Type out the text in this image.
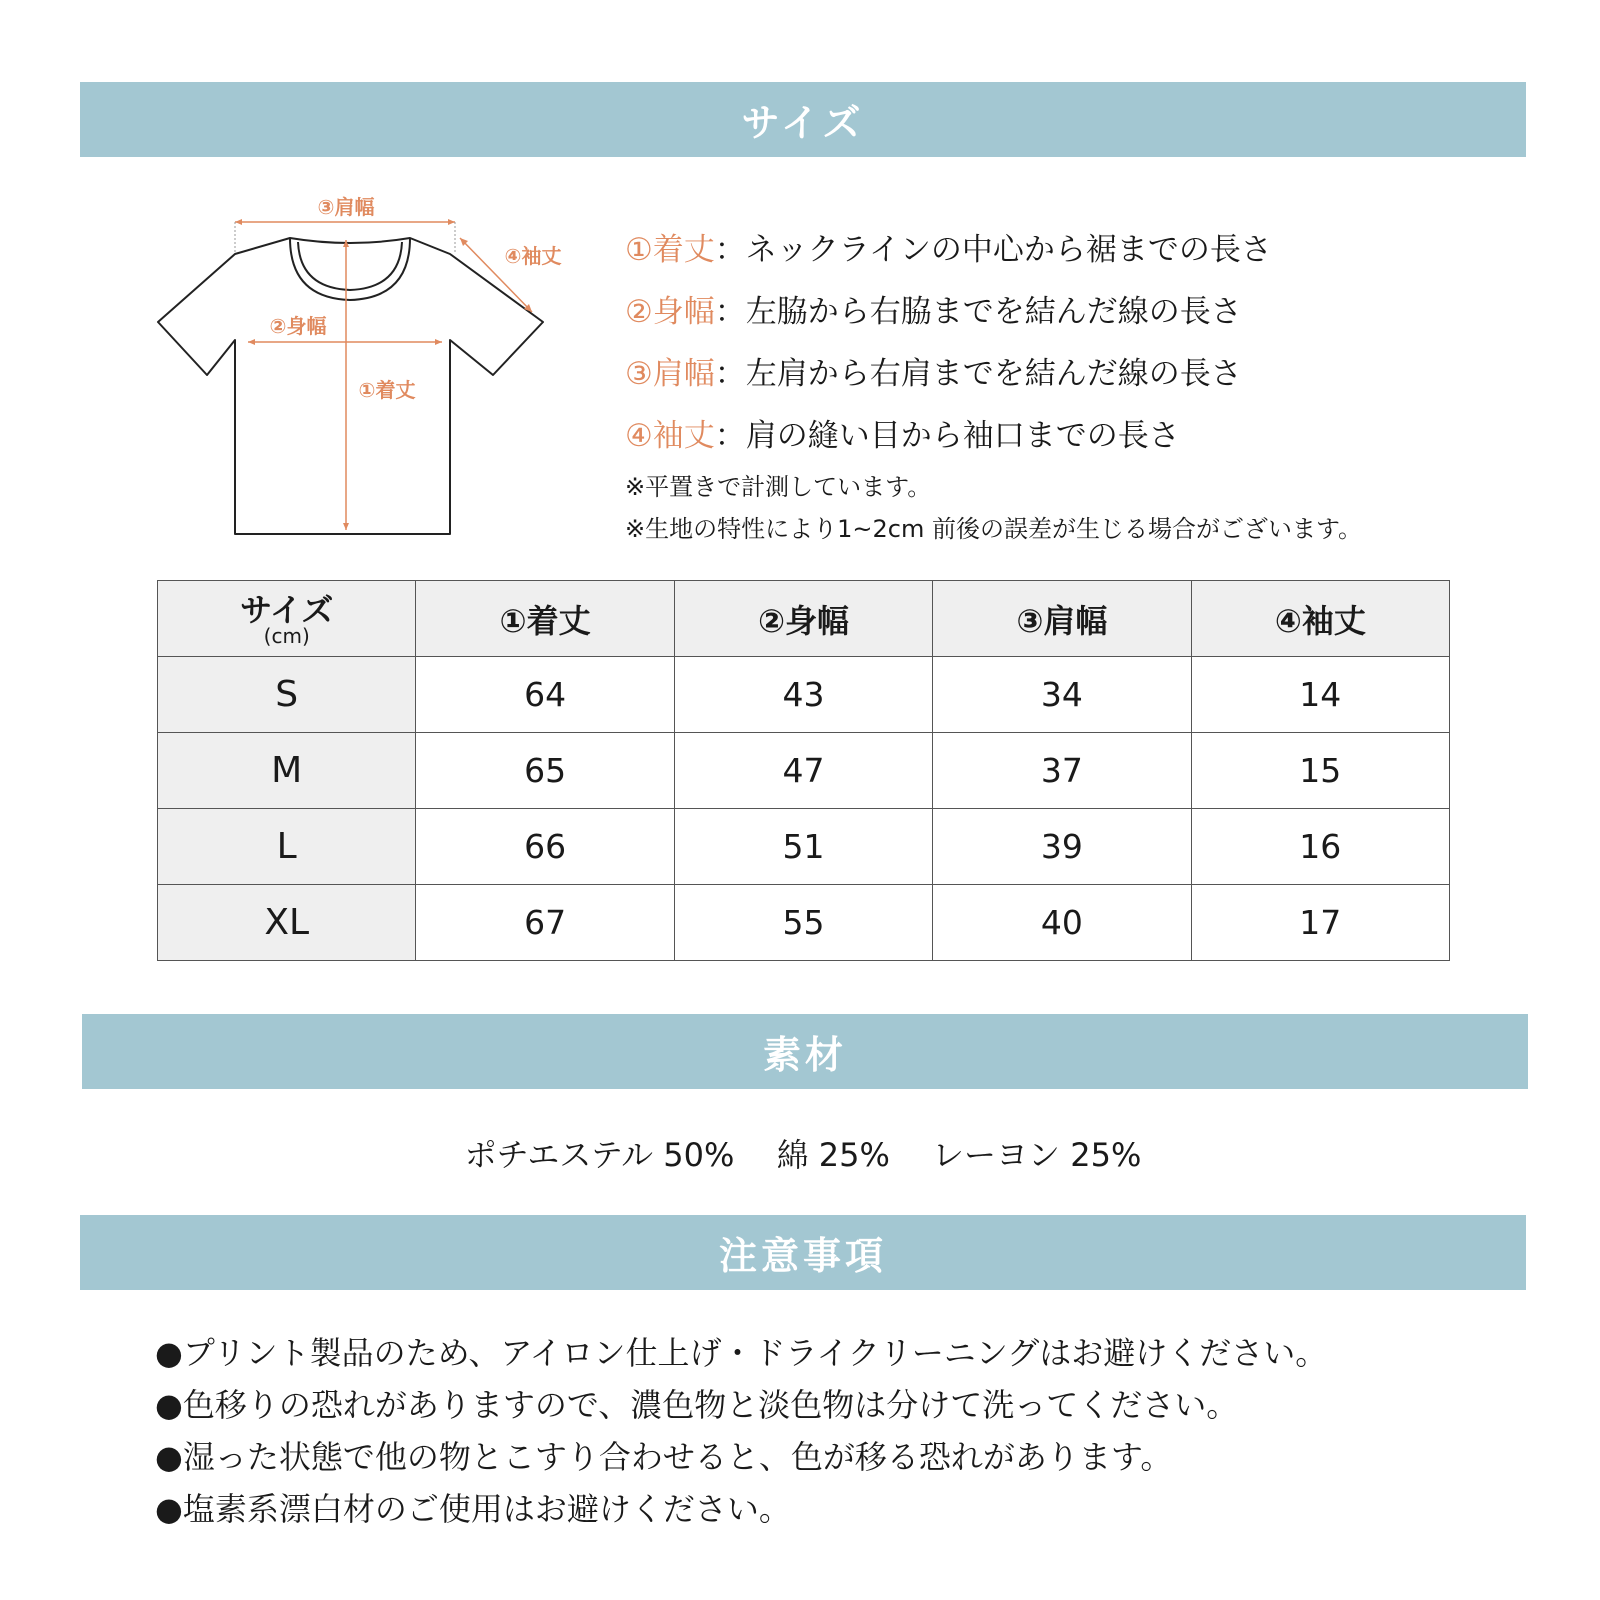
サイズ
③肩幅
④袖丈
②身幅
①着丈
①着丈 ：ネックラインの中心から裾までの長さ
②身幅 ：左脇から右脇までを結んだ線の長さ
③肩幅 ：左肩から右肩までを結んだ線の長さ
④袖丈 ：肩の縫い目から袖口までの長さ
※平置きで計測しています。
※生地の特性により1~2cm 前後の誤差が生じる場合がございます。
サイズ
(cm)	①着丈	②身幅	③肩幅	④袖丈
S	64	43	34	14
M	65	47	37	15
L	66	51	39	16
XL	67	55	40	17
素材
ポチエステル 50%　 綿 25%　 レーヨン 25%
注意事項
●プリント製品のため、アイロン仕上げ・ドライクリーニングはお避けください。
●色移りの恐れがありますので、濃色物と淡色物は分けて洗ってください。
●湿った状態で他の物とこすり合わせると、色が移る恐れがあります。
●塩素系漂白材のご使用はお避けください。
